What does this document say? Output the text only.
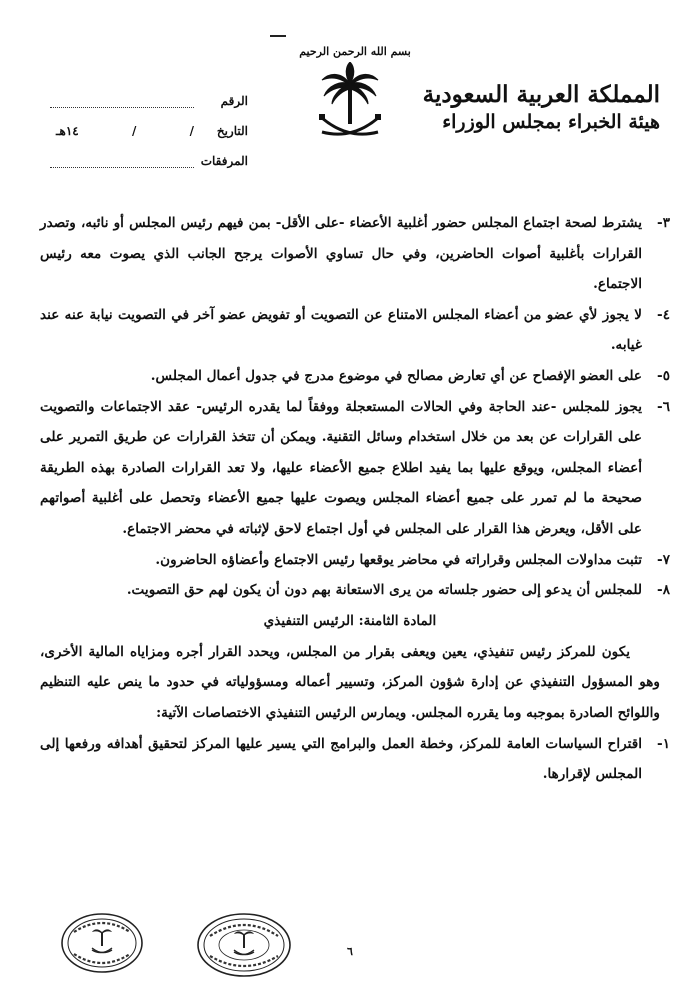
بسم الله الرحمن الرحيم
المملكة العربية السعودية
هيئة الخبراء بمجلس الوزراء
الرقم
التاريخ
/
/
١٤هـ
المرفقات
٣-

يشترط لصحة اجتماع المجلس حضور أغلبية الأعضاء -على الأقل- بمن فيهم رئيس المجلس أو نائبه، وتصدر القرارات بأغلبية أصوات الحاضرين، وفي حال تساوي الأصوات يرجح الجانب الذي يصوت معه رئيس الاجتماع.

٤-

لا يجوز لأي عضو من أعضاء المجلس الامتناع عن التصويت أو تفويض عضو آخر في التصويت نيابة عنه عند غيابه.

٥-

على العضو الإفصاح عن أي تعارض مصالح في موضوع مدرج في جدول أعمال المجلس.

٦-

يجوز للمجلس -عند الحاجة وفي الحالات المستعجلة ووفقاً لما يقدره الرئيس- عقد الاجتماعات والتصويت على القرارات عن بعد من خلال استخدام وسائل التقنية. ويمكن أن تتخذ القرارات عن طريق التمرير على أعضاء المجلس، ويوقع عليها بما يفيد اطلاع جميع الأعضاء عليها، ولا تعد القرارات الصادرة بهذه الطريقة صحيحة ما لم تمرر على جميع أعضاء المجلس ويصوت عليها جميع الأعضاء وتحصل على أغلبية أصواتهم على الأقل، ويعرض هذا القرار على المجلس في أول اجتماع لاحق لإثباته في محضر الاجتماع.

٧-

تثبت مداولات المجلس وقراراته في محاضر يوقعها رئيس الاجتماع وأعضاؤه الحاضرون.

٨-

للمجلس أن يدعو إلى حضور جلساته من يرى الاستعانة بهم دون أن يكون لهم حق التصويت.

المادة الثامنة: الرئيس التنفيذي

يكون للمركز رئيس تنفيذي، يعين ويعفى بقرار من المجلس، ويحدد القرار أجره ومزاياه المالية الأخرى، وهو المسؤول التنفيذي عن إدارة شؤون المركز، وتسيير أعماله ومسؤولياته في حدود ما ينص عليه التنظيم واللوائح الصادرة بموجبه وما يقرره المجلس. ويمارس الرئيس التنفيذي الاختصاصات الآتية:

١-

اقتراح السياسات العامة للمركز، وخطة العمل والبرامج التي يسير عليها المركز لتحقيق أهدافه ورفعها إلى المجلس لإقرارها.

٦
